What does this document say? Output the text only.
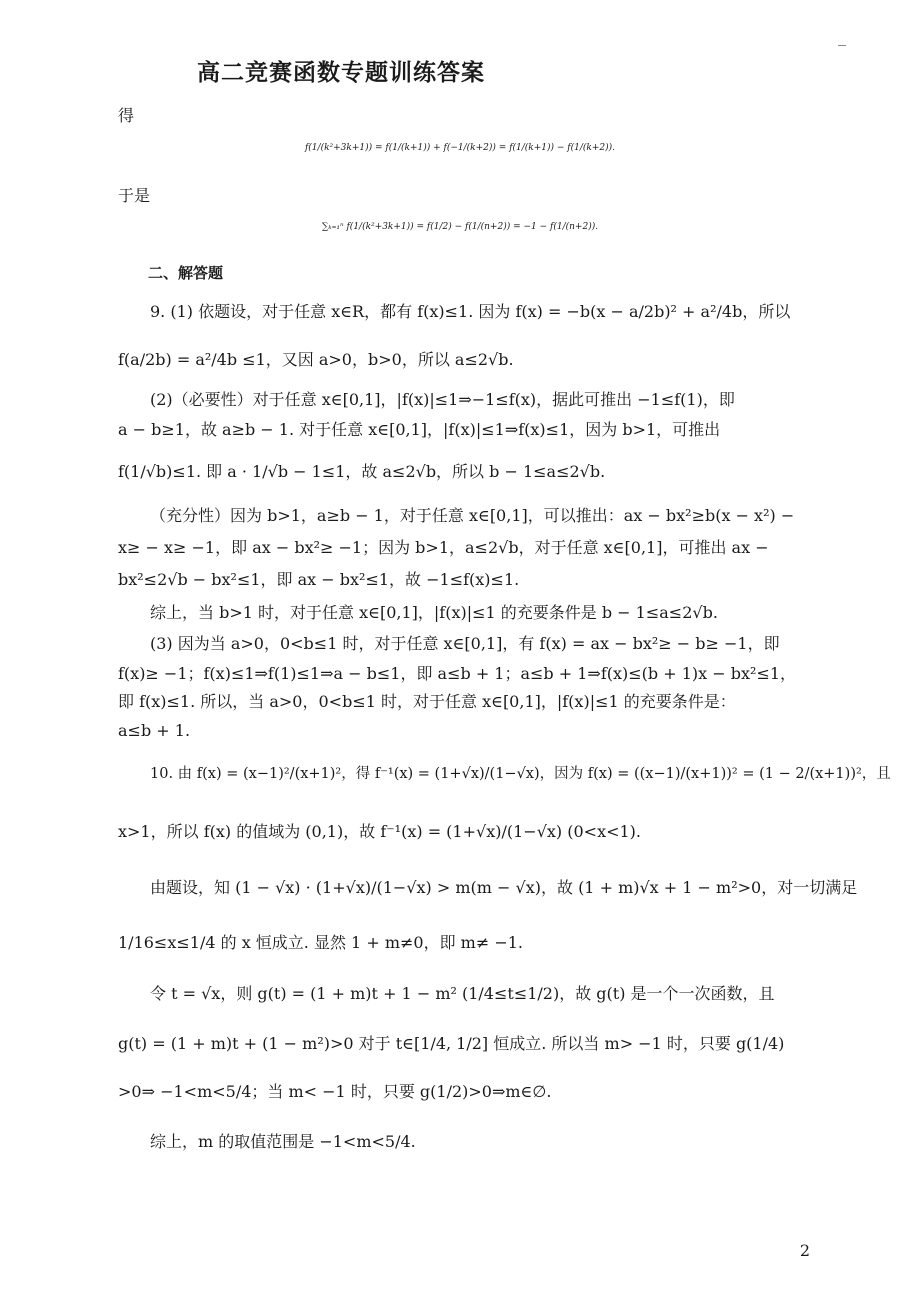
高二竞赛函数专题训练答案
得
f(1/(k²+3k+1)) = f(1/(k+1)) + f(−1/(k+2)) = f(1/(k+1)) − f(1/(k+2)).
于是
∑ₖ₌₁ⁿ f(1/(k²+3k+1)) = f(1/2) − f(1/(n+2)) = −1 − f(1/(n+2)).
二、解答题
9. (1) 依题设，对于任意 x∈R，都有 f(x)≤1. 因为 f(x) = −b(x − a/2b)² + a²/4b，所以
f(a/2b) = a²/4b ≤1，又因 a>0，b>0，所以 a≤2√b.
(2)（必要性）对于任意 x∈[0,1]，|f(x)|≤1⇒−1≤f(x)，据此可推出 −1≤f(1)，即
a − b≥1，故 a≥b − 1. 对于任意 x∈[0,1]，|f(x)|≤1⇒f(x)≤1，因为 b>1，可推出
f(1/√b)≤1. 即 a · 1/√b − 1≤1，故 a≤2√b，所以 b − 1≤a≤2√b.
（充分性）因为 b>1，a≥b − 1，对于任意 x∈[0,1]，可以推出：ax − bx²≥b(x − x²) −
x≥ − x≥ −1，即 ax − bx²≥ −1；因为 b>1，a≤2√b，对于任意 x∈[0,1]，可推出 ax −
bx²≤2√b − bx²≤1，即 ax − bx²≤1，故 −1≤f(x)≤1.
综上，当 b>1 时，对于任意 x∈[0,1]，|f(x)|≤1 的充要条件是 b − 1≤a≤2√b.
(3) 因为当 a>0，0<b≤1 时，对于任意 x∈[0,1]，有 f(x) = ax − bx²≥ − b≥ −1，即
f(x)≥ −1；f(x)≤1⇒f(1)≤1⇒a − b≤1，即 a≤b + 1；a≤b + 1⇒f(x)≤(b + 1)x − bx²≤1，
即 f(x)≤1. 所以，当 a>0，0<b≤1 时，对于任意 x∈[0,1]，|f(x)|≤1 的充要条件是：
a≤b + 1.
10. 由 f(x) = (x−1)²/(x+1)²，得 f⁻¹(x) = (1+√x)/(1−√x)，因为 f(x) = ((x−1)/(x+1))² = (1 − 2/(x+1))²，且
x>1，所以 f(x) 的值域为 (0,1)，故 f⁻¹(x) = (1+√x)/(1−√x) (0<x<1).
由题设，知 (1 − √x) · (1+√x)/(1−√x) > m(m − √x)，故 (1 + m)√x + 1 − m²>0，对一切满足
1/16≤x≤1/4 的 x 恒成立. 显然 1 + m≠0，即 m≠ −1.
令 t = √x，则 g(t) = (1 + m)t + 1 − m² (1/4≤t≤1/2)，故 g(t) 是一个一次函数，且
g(t) = (1 + m)t + (1 − m²)>0 对于 t∈[1/4, 1/2] 恒成立. 所以当 m> −1 时，只要 g(1/4)
>0⇒ −1<m<5/4；当 m< −1 时，只要 g(1/2)>0⇒m∈∅.
综上，m 的取值范围是 −1<m<5/4.
2
